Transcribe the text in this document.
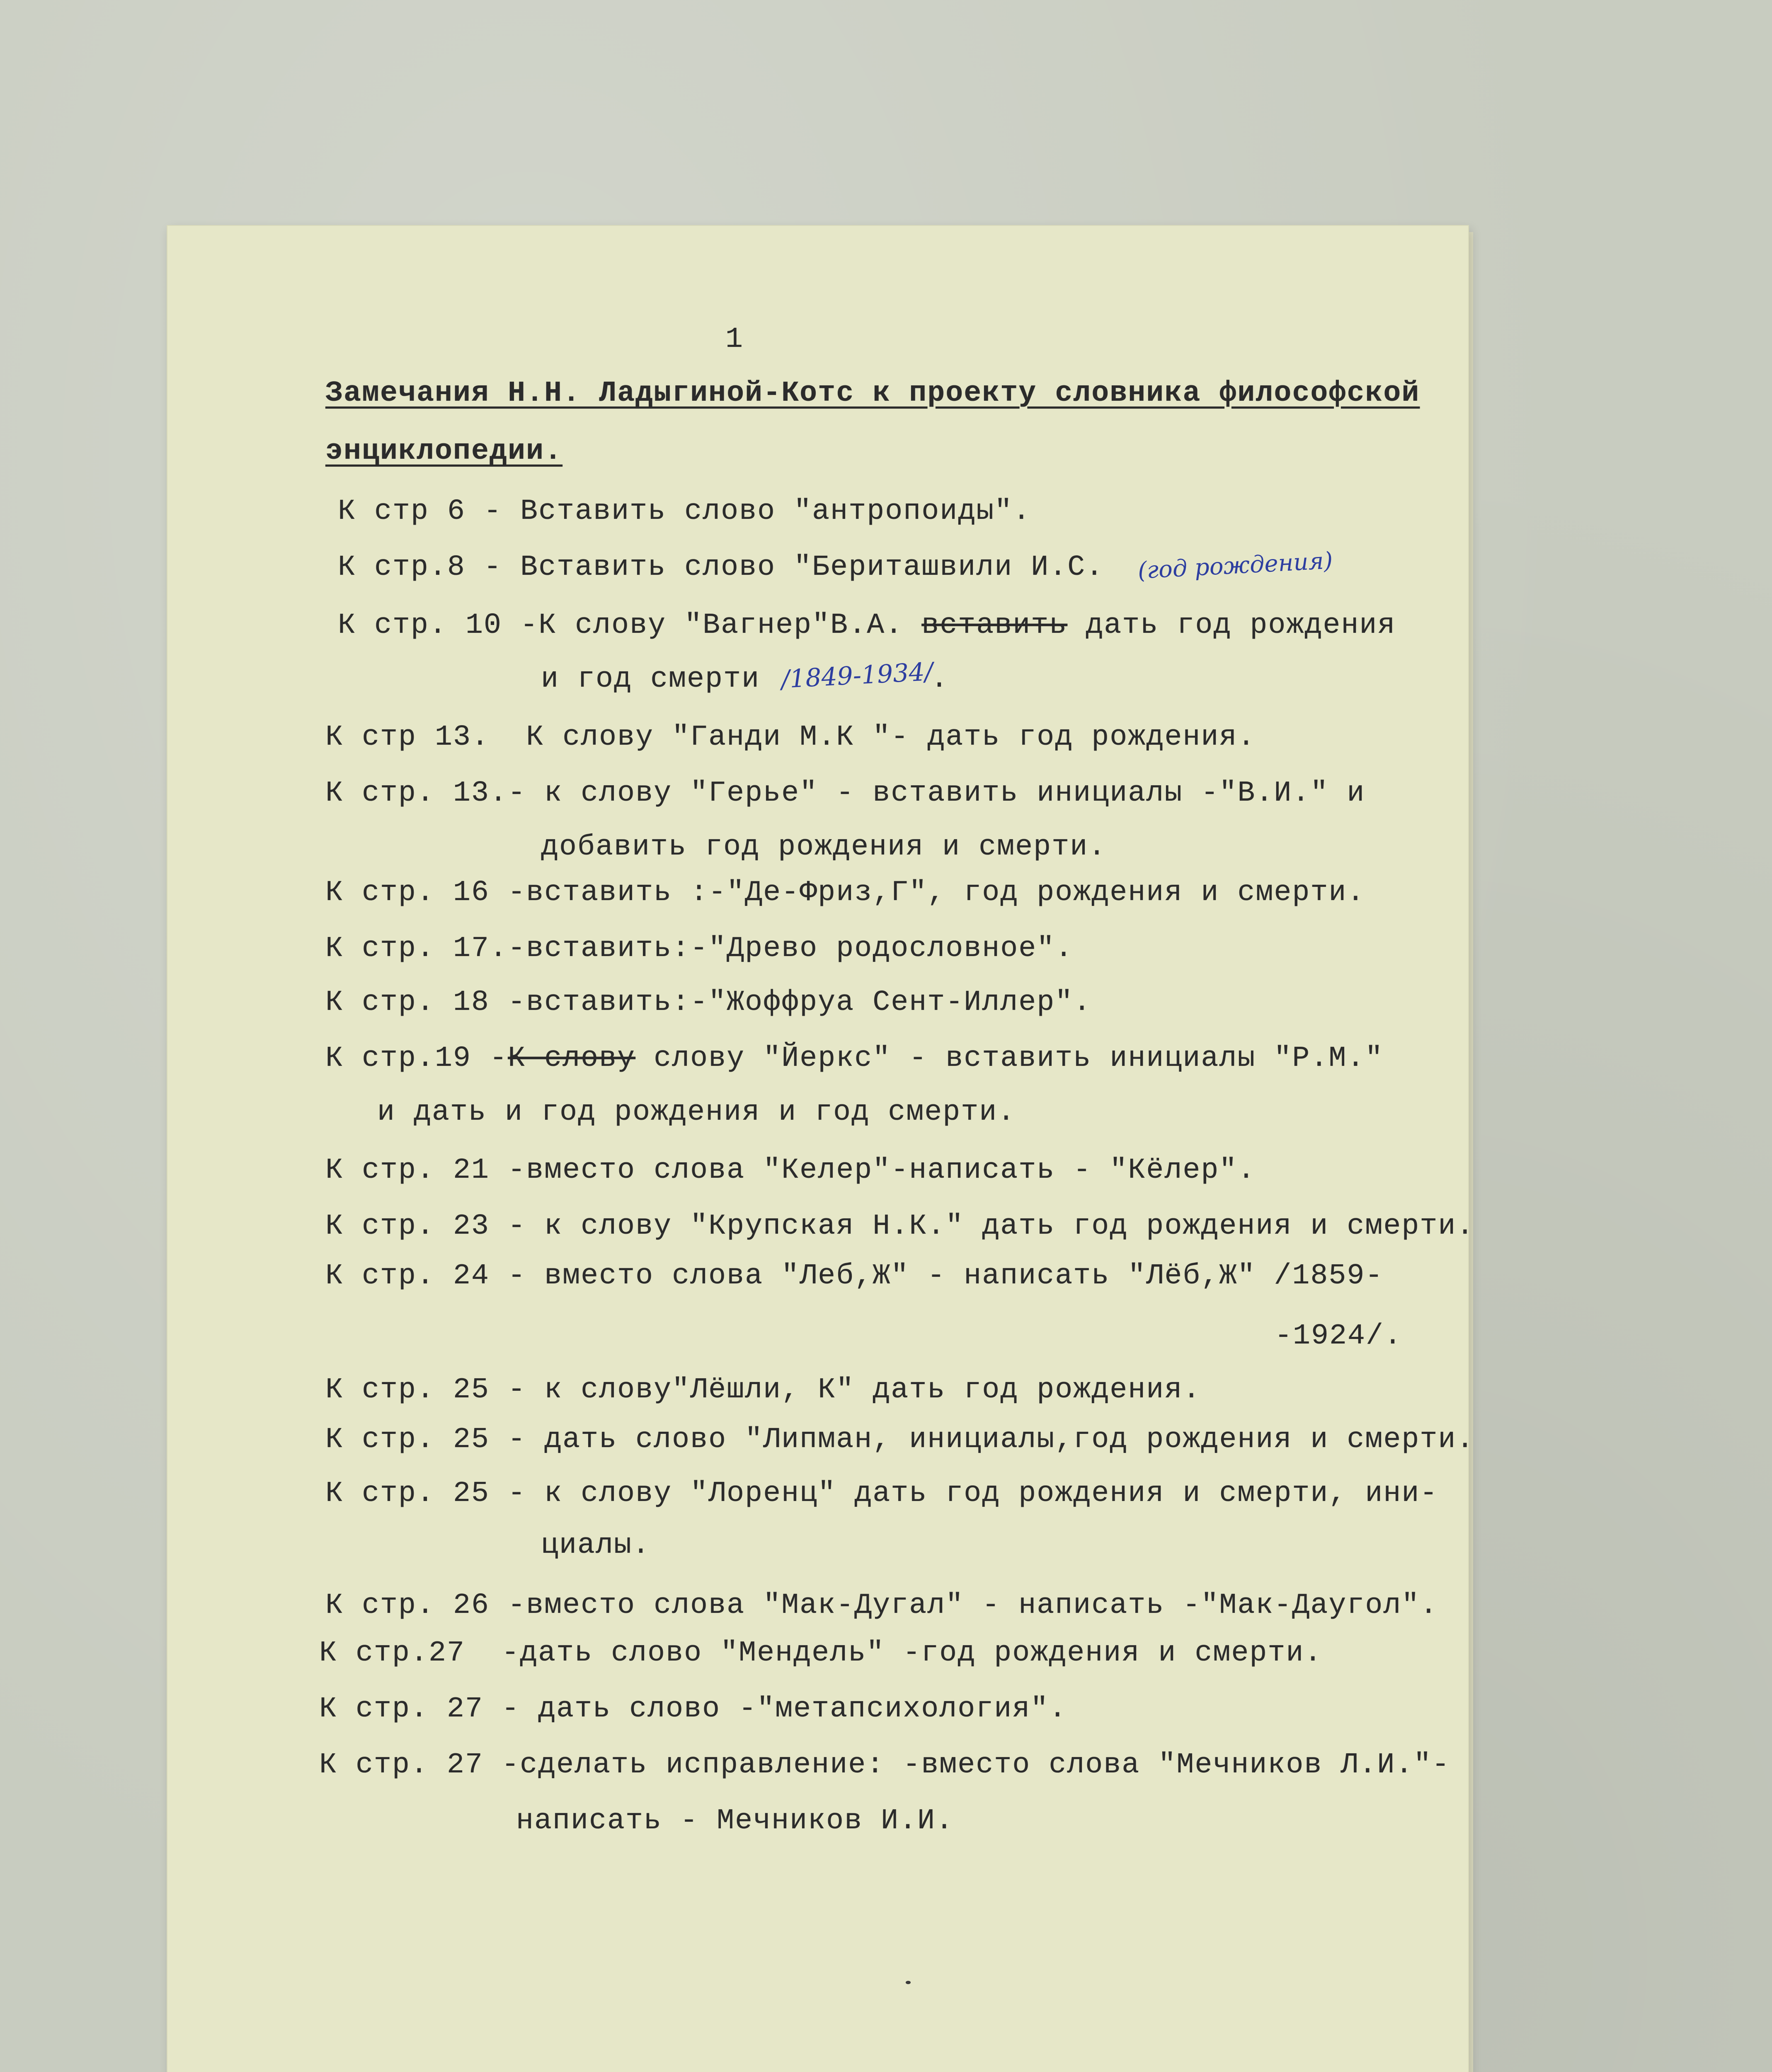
1
Замечания Н.Н. Ладыгиной-Котс к проекту словника философской
энциклопедии.
К стр 6 - Вставить слово "антропоиды".
К стр.8 - Вставить слово "Бериташвили И.С. (год рождения)
К стр. 10 -К слову "Вагнер"В.А. вставить дать год рождения
и год смерти /1849-1934/
.
К стр 13.  К слову "Ганди М.К "- дать год рождения.
К стр. 13.- к слову "Герье" - вставить инициалы -"В.И." и
добавить год рождения и смерти.
К стр. 16 -вставить :-"Де-Фриз,Г", год рождения и смерти.
К стр. 17.-вставить:-"Древо родословное".
К стр. 18 -вставить:-"Жоффруа Сент-Иллер".
К стр.19 -К слову слову "Йеркс" - вставить инициалы "Р.М."
и дать и год рождения и год смерти.
К стр. 21 -вместо слова "Келер"-написать - "Кёлер".
К стр. 23 - к слову "Крупская Н.К." дать год рождения и смерти.
К стр. 24 - вместо слова "Леб,Ж" - написать "Лёб,Ж" /1859-
-1924/.
К стр. 25 - к слову"Лёшли, К" дать год рождения.
К стр. 25 - дать слово "Липман, инициалы,год рождения и смерти.
К стр. 25 - к слову "Лоренц" дать год рождения и смерти, ини-
циалы.
К стр. 26 -вместо слова "Мак-Дугал" - написать -"Мак-Даугол".
К стр.27  -дать слово "Мендель" -год рождения и смерти.
К стр. 27 - дать слово -"метапсихология".
К стр. 27 -сделать исправление: -вместо слова "Мечников Л.И."-
написать - Мечников И.И.
